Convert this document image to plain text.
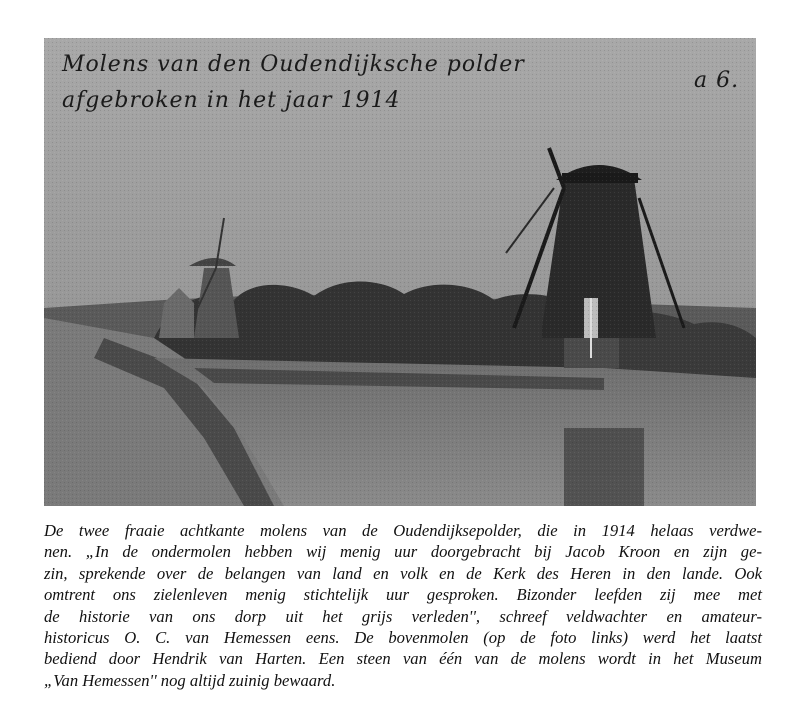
Molens van den Oudendijksche polder
afgebroken in het jaar 1914
a 6.
De twee fraaie achtkante molens van de Oudendijksepolder, die in 1914 helaas verdwe-
nen. „In de ondermolen hebben wij menig uur doorgebracht bij Jacob Kroon en zijn ge-
zin, sprekende over de belangen van land en volk en de Kerk des Heren in den lande. Ook
omtrent ons zielenleven menig stichtelijk uur gesproken. Bizonder leefden zij mee met
de historie van ons dorp uit het grijs verleden'', schreef veldwachter en amateur-
historicus O. C. van Hemessen eens. De bovenmolen (op de foto links) werd het laatst
bediend door Hendrik van Harten. Een steen van één van de molens wordt in het Museum
„Van Hemessen'' nog altijd zuinig bewaard.
